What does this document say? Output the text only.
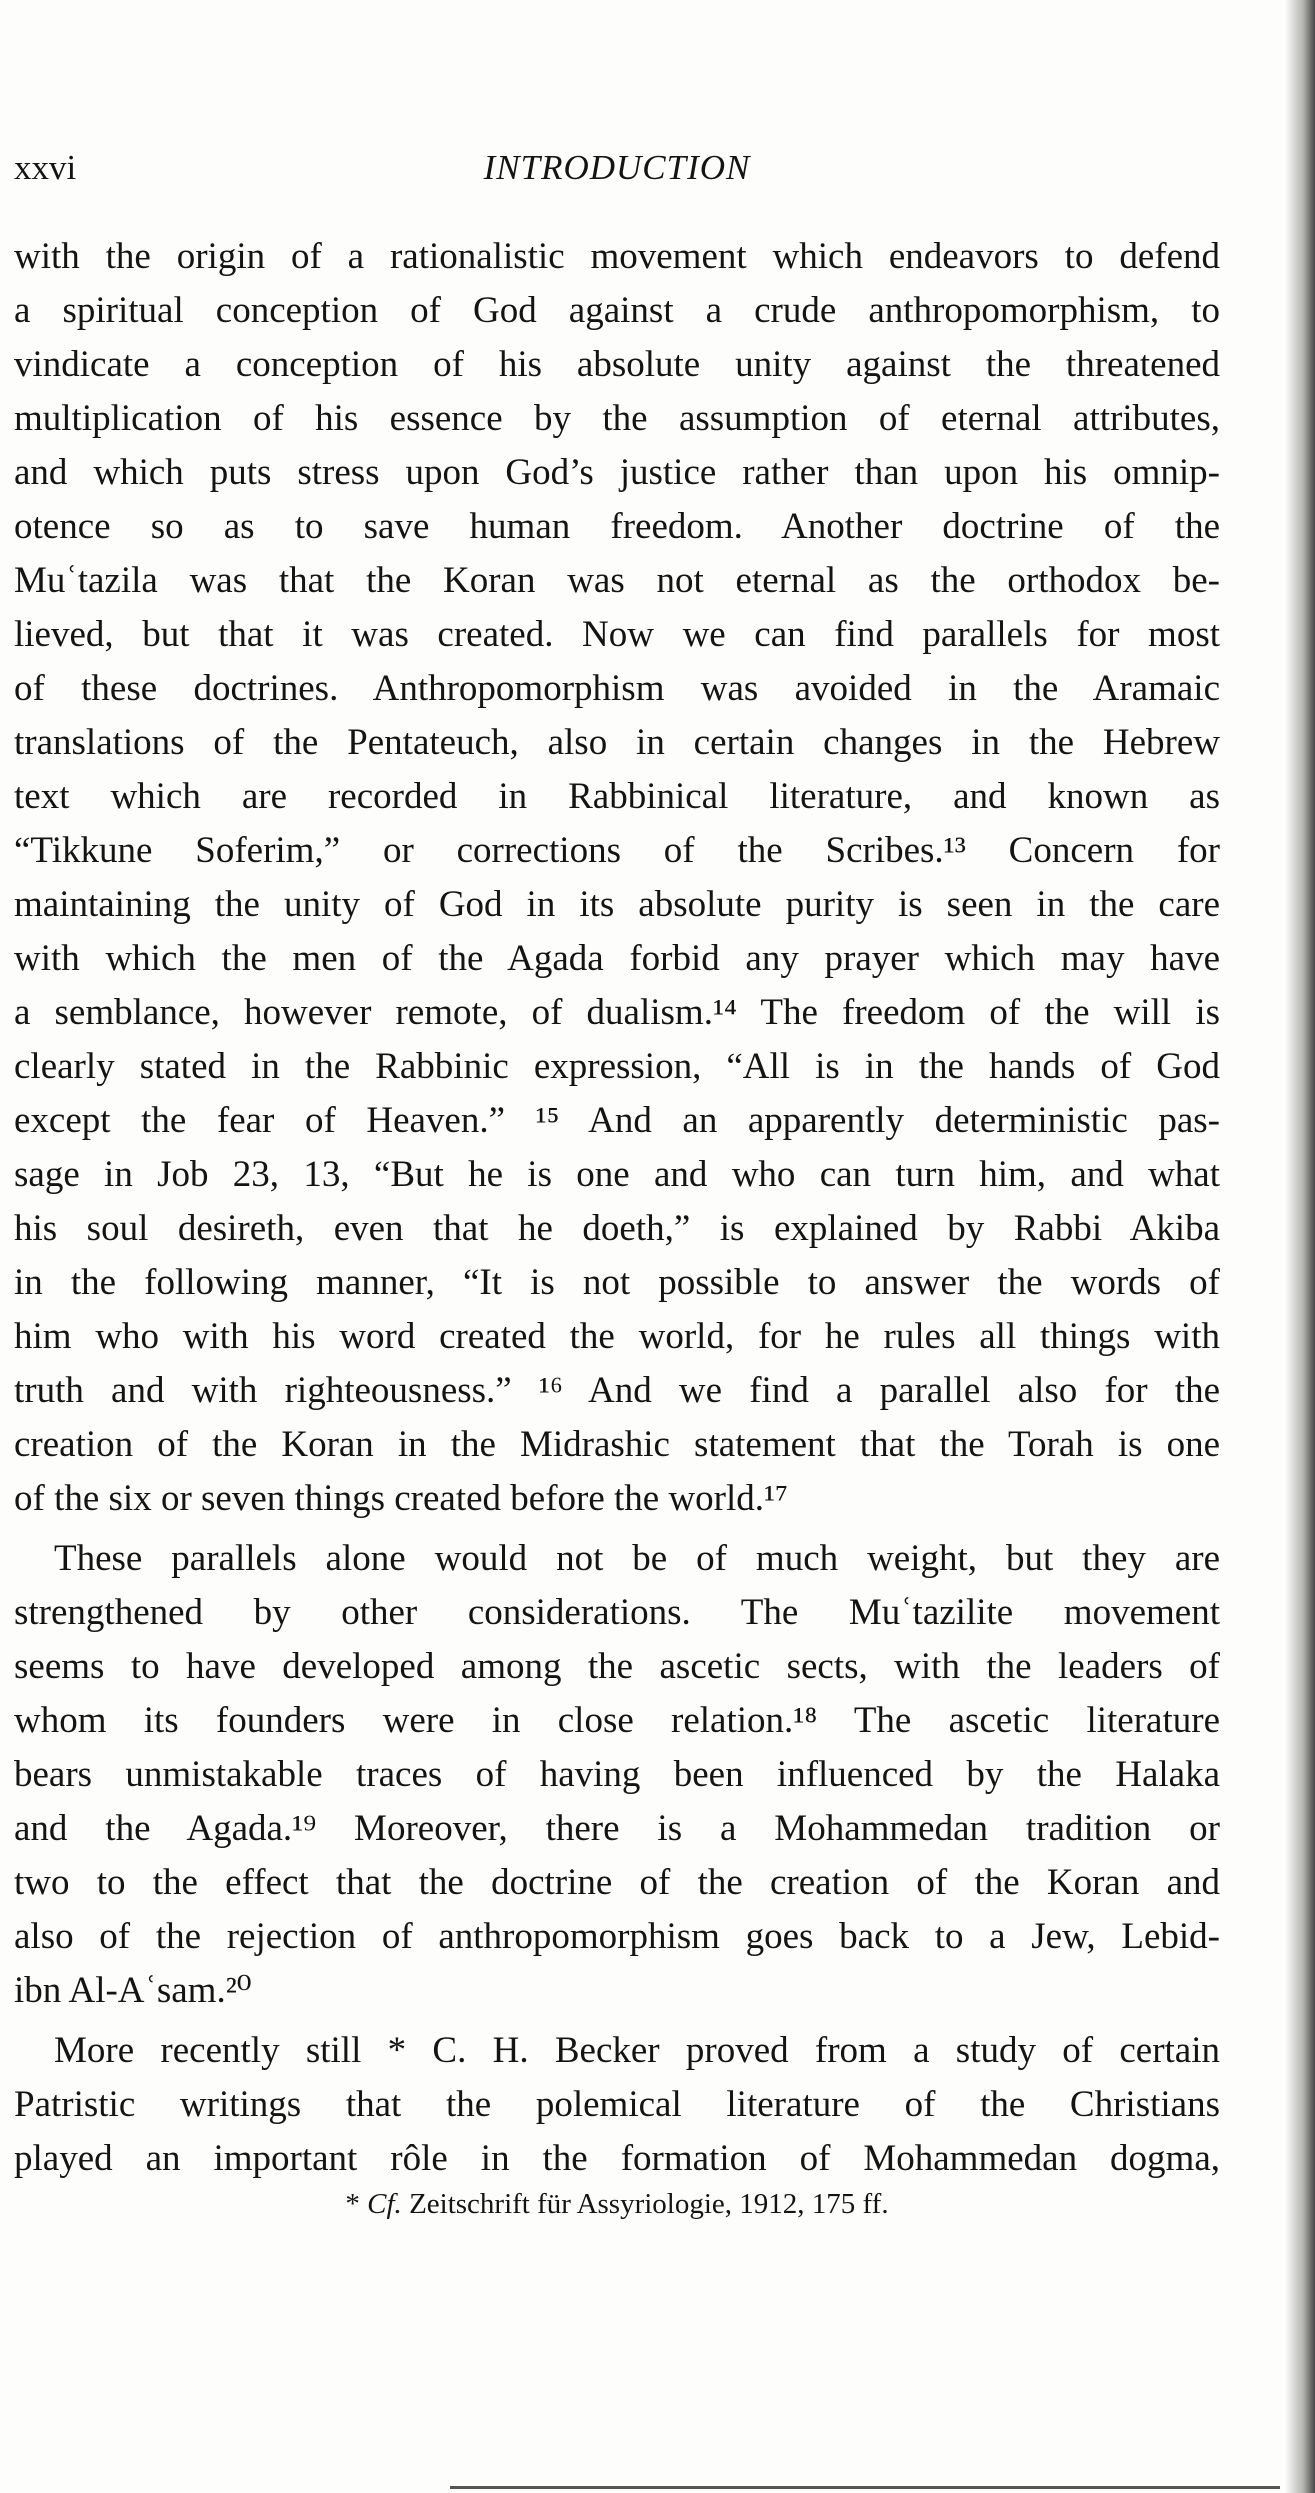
xxvi	INTRODUCTION
with the origin of a rationalistic movement which endeavors to defend
a spiritual conception of God against a crude anthropomorphism, to
vindicate a conception of his absolute unity against the threatened
multiplication of his essence by the assumption of eternal attributes,
and which puts stress upon God’s justice rather than upon his omnip-
otence so as to save human freedom. Another doctrine of the
Muʿtazila was that the Koran was not eternal as the orthodox be-
lieved, but that it was created. Now we can find parallels for most
of these doctrines. Anthropomorphism was avoided in the Aramaic
translations of the Pentateuch, also in certain changes in the Hebrew
text which are recorded in Rabbinical literature, and known as
“Tikkune Soferim,” or corrections of the Scribes.¹³ Concern for
maintaining the unity of God in its absolute purity is seen in the care
with which the men of the Agada forbid any prayer which may have
a semblance, however remote, of dualism.¹⁴ The freedom of the will is
clearly stated in the Rabbinic expression, “All is in the hands of God
except the fear of Heaven.” ¹⁵ And an apparently deterministic pas-
sage in Job 23, 13, “But he is one and who can turn him, and what
his soul desireth, even that he doeth,” is explained by Rabbi Akiba
in the following manner, “It is not possible to answer the words of
him who with his word created the world, for he rules all things with
truth and with righteousness.” ¹⁶ And we find a parallel also for the
creation of the Koran in the Midrashic statement that the Torah is one
of the six or seven things created before the world.¹⁷
These parallels alone would not be of much weight, but they are
strengthened by other considerations. The Muʿtazilite movement
seems to have developed among the ascetic sects, with the leaders of
whom its founders were in close relation.¹⁸ The ascetic literature
bears unmistakable traces of having been influenced by the Halaka
and the Agada.¹⁹ Moreover, there is a Mohammedan tradition or
two to the effect that the doctrine of the creation of the Koran and
also of the rejection of anthropomorphism goes back to a Jew, Lebid-
ibn Al-Aʿsam.²⁰
More recently still * C. H. Becker proved from a study of certain
Patristic writings that the polemical literature of the Christians
played an important rôle in the formation of Mohammedan dogma,
* Cf. Zeitschrift für Assyriologie, 1912, 175 ff.
